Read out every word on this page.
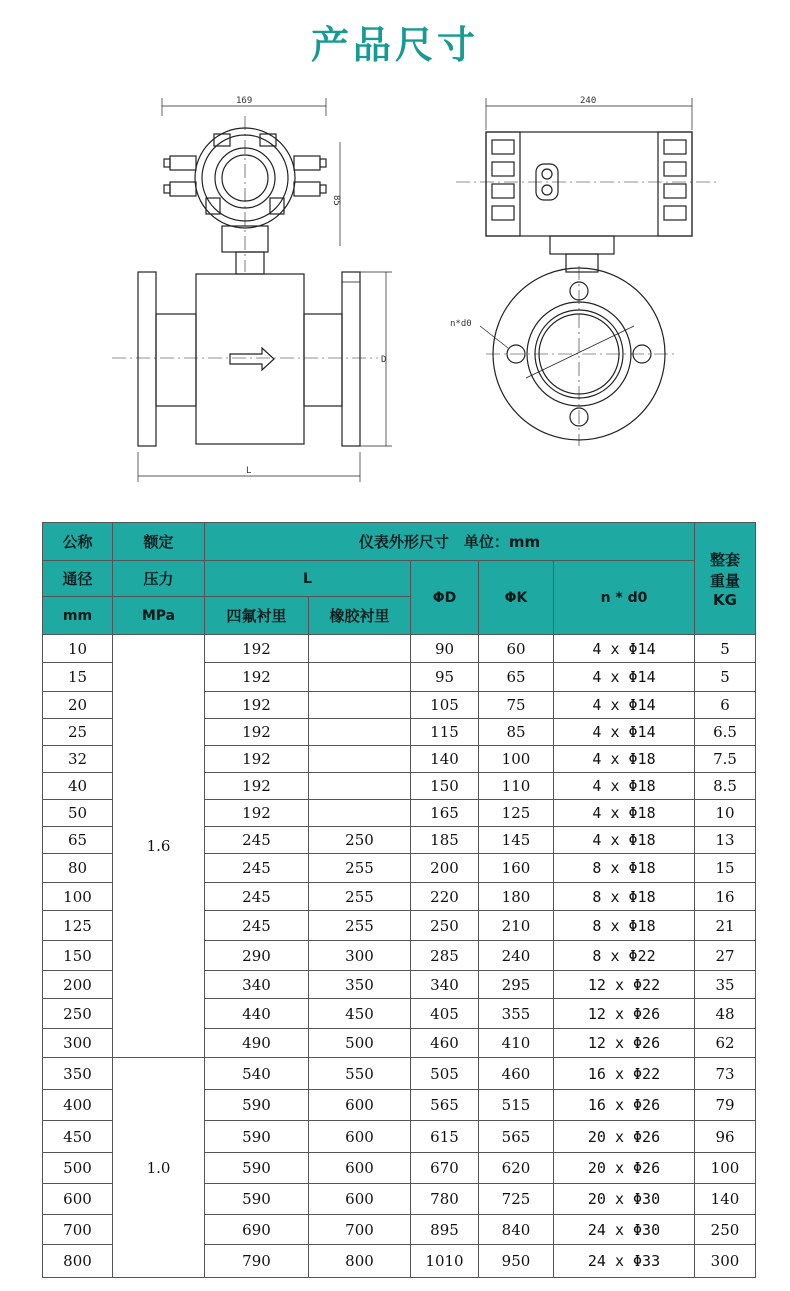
产品尺寸
169
85
D
L
240
n*d0
公称	额定	仪表外形尺寸　单位：mm					整套
重量
KG

通径	压力	L		ΦD	ΦK	n * d0	
mm	MPa	四氟衬里	橡胶衬里				
10	1.6	192		90	60	4 x Φ14	5
15		192		95	65	4 x Φ14	5
20		192		105	75	4 x Φ14	6
25		192		115	85	4 x Φ14	6.5
32		192		140	100	4 x Φ18	7.5
40		192		150	110	4 x Φ18	8.5
50		192		165	125	4 x Φ18	10
65		245	250	185	145	4 x Φ18	13
80		245	255	200	160	8 x Φ18	15
100		245	255	220	180	8 x Φ18	16
125		245	255	250	210	8 x Φ18	21
150		290	300	285	240	8 x Φ22	27
200		340	350	340	295	12 x Φ22	35
250		440	450	405	355	12 x Φ26	48
300		490	500	460	410	12 x Φ26	62
350	1.0	540	550	505	460	16 x Φ22	73
400		590	600	565	515	16 x Φ26	79
450		590	600	615	565	20 x Φ26	96
500		590	600	670	620	20 x Φ26	100
600		590	600	780	725	20 x Φ30	140
700		690	700	895	840	24 x Φ30	250
800		790	800	1010	950	24 x Φ33	300
